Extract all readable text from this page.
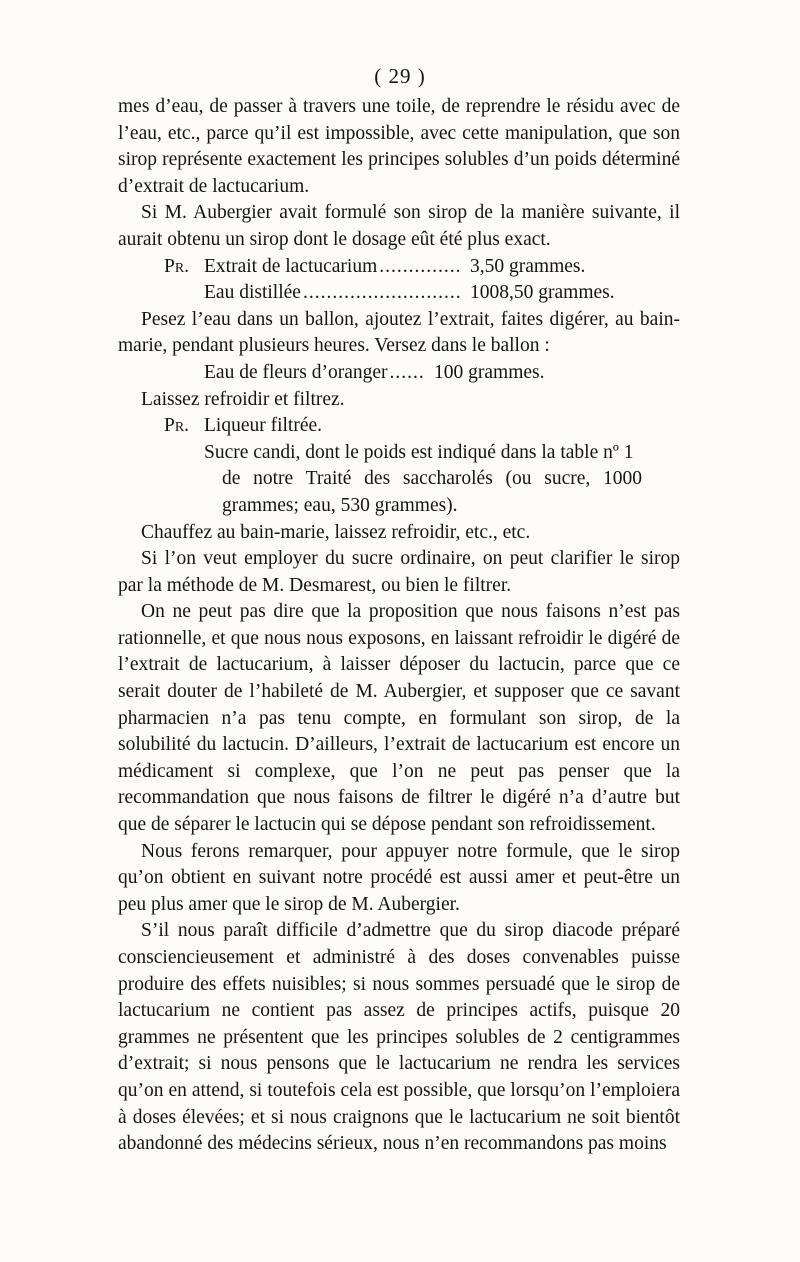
( 29 )

mes d’eau, de passer à travers une toile, de reprendre le résidu avec de l’eau, etc., parce qu’il est impossible, avec cette manipulation, que son sirop représente exactement les principes solubles d’un poids déterminé d’extrait de lactucarium.

Si M. Aubergier avait formulé son sirop de la manière suivante, il aurait obtenu un sirop dont le dosage eût été plus exact.

Pr. Extrait de lactucarium .....	3,50 grammes.
Eau distillée .....	1008,50 grammes.

Pesez l’eau dans un ballon, ajoutez l’extrait, faites digérer, au bain-marie, pendant plusieurs heures. Versez dans le ballon :

Eau de fleurs d’oranger .....	100 grammes.

Laissez refroidir et filtrez.

Pr. Liqueur filtrée.
Sucre candi, dont le poids est indiqué dans la table nº 1
de notre Traité des saccharolés (ou sucre, 1000 grammes; eau, 530 grammes).

Chauffez au bain-marie, laissez refroidir, etc., etc.

Si l’on veut employer du sucre ordinaire, on peut clarifier le sirop par la méthode de M. Desmarest, ou bien le filtrer.

On ne peut pas dire que la proposition que nous faisons n’est pas rationnelle, et que nous nous exposons, en laissant refroidir le digéré de l’extrait de lactucarium, à laisser déposer du lactucin, parce que ce serait douter de l’habileté de M. Aubergier, et supposer que ce savant pharmacien n’a pas tenu compte, en formulant son sirop, de la solubilité du lactucin. D’ailleurs, l’extrait de lactucarium est encore un médicament si complexe, que l’on ne peut pas penser que la recommandation que nous faisons de filtrer le digéré n’a d’autre but que de séparer le lactucin qui se dépose pendant son refroidissement.

Nous ferons remarquer, pour appuyer notre formule, que le sirop qu’on obtient en suivant notre procédé est aussi amer et peut-être un peu plus amer que le sirop de M. Aubergier.

S’il nous paraît difficile d’admettre que du sirop diacode préparé consciencieusement et administré à des doses convenables puisse produire des effets nuisibles; si nous sommes persuadé que le sirop de lactucarium ne contient pas assez de principes actifs, puisque 20 grammes ne présentent que les principes solubles de 2 centigrammes d’extrait; si nous pensons que le lactucarium ne rendra les services qu’on en attend, si toutefois cela est possible, que lorsqu’on l’emploiera à doses élevées; et si nous craignons que le lactucarium ne soit bientôt abandonné des médecins sérieux, nous n’en recommandons pas moins
